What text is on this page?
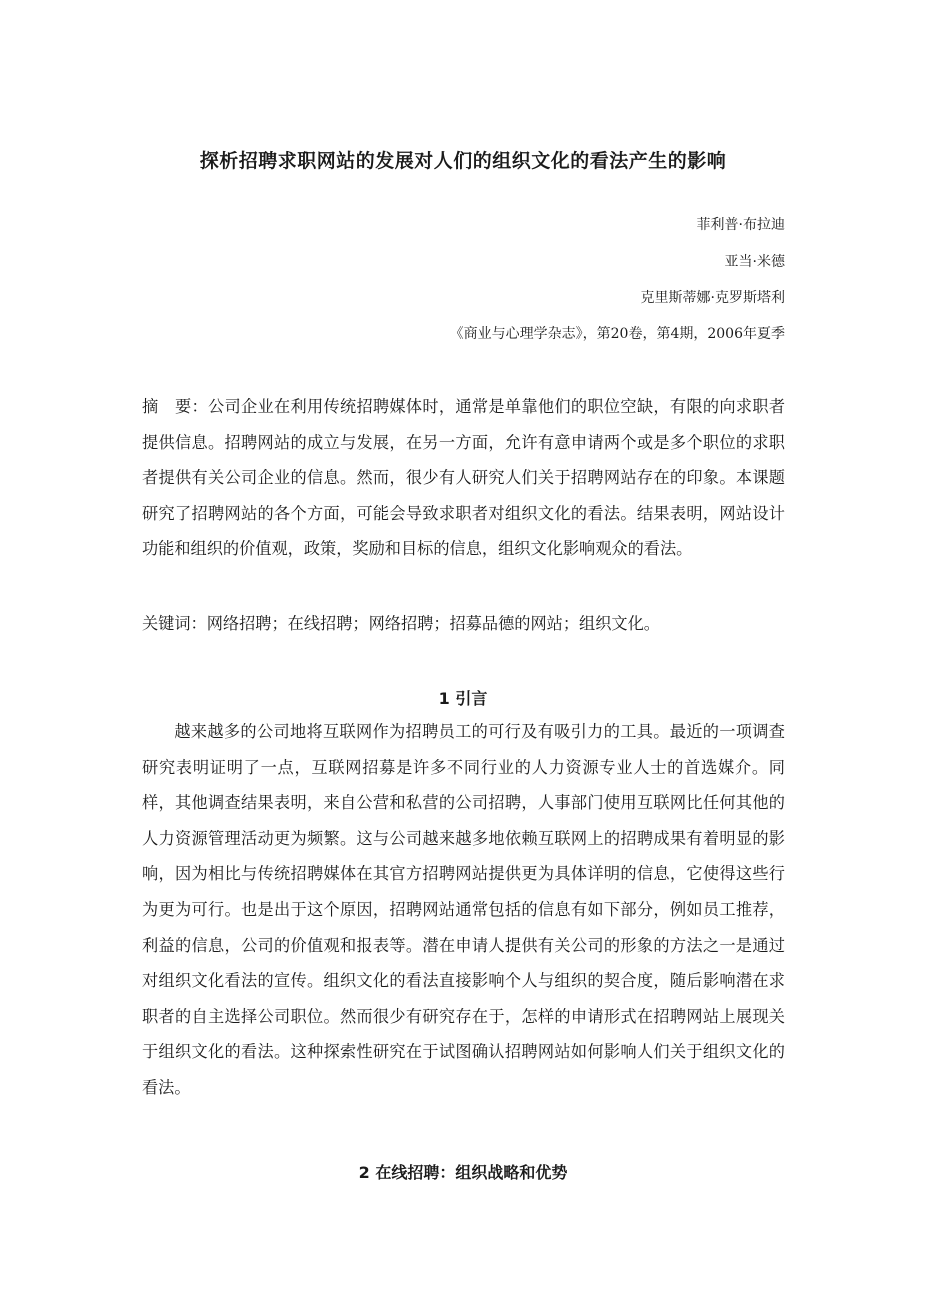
探析招聘求职网站的发展对人们的组织文化的看法产生的影响

菲利普·布拉迪

亚当·米德

克里斯蒂娜·克罗斯塔利

《商业与心理学杂志》，第20卷，第4期，2006年夏季

摘　要：公司企业在利用传统招聘媒体时，通常是单靠他们的职位空缺，有限的向求职者提供信息。招聘网站的成立与发展，在另一方面，允许有意申请两个或是多个职位的求职者提供有关公司企业的信息。然而，很少有人研究人们关于招聘网站存在的印象。本课题研究了招聘网站的各个方面，可能会导致求职者对组织文化的看法。结果表明，网站设计功能和组织的价值观，政策，奖励和目标的信息，组织文化影响观众的看法。

关键词：网络招聘；在线招聘；网络招聘；招募品德的网站；组织文化。

1 引言

越来越多的公司地将互联网作为招聘员工的可行及有吸引力的工具。最近的一项调查研究表明证明了一点，互联网招募是许多不同行业的人力资源专业人士的首选媒介。同样，其他调查结果表明，来自公营和私营的公司招聘，人事部门使用互联网比任何其他的人力资源管理活动更为频繁。这与公司越来越多地依赖互联网上的招聘成果有着明显的影响，因为相比与传统招聘媒体在其官方招聘网站提供更为具体详明的信息，它使得这些行为更为可行。也是出于这个原因，招聘网站通常包括的信息有如下部分，例如员工推荐，利益的信息，公司的价值观和报表等。潜在申请人提供有关公司的形象的方法之一是通过对组织文化看法的宣传。组织文化的看法直接影响个人与组织的契合度，随后影响潜在求职者的自主选择公司职位。然而很少有研究存在于，怎样的申请形式在招聘网站上展现关于组织文化的看法。这种探索性研究在于试图确认招聘网站如何影响人们关于组织文化的看法。

2 在线招聘：组织战略和优势
